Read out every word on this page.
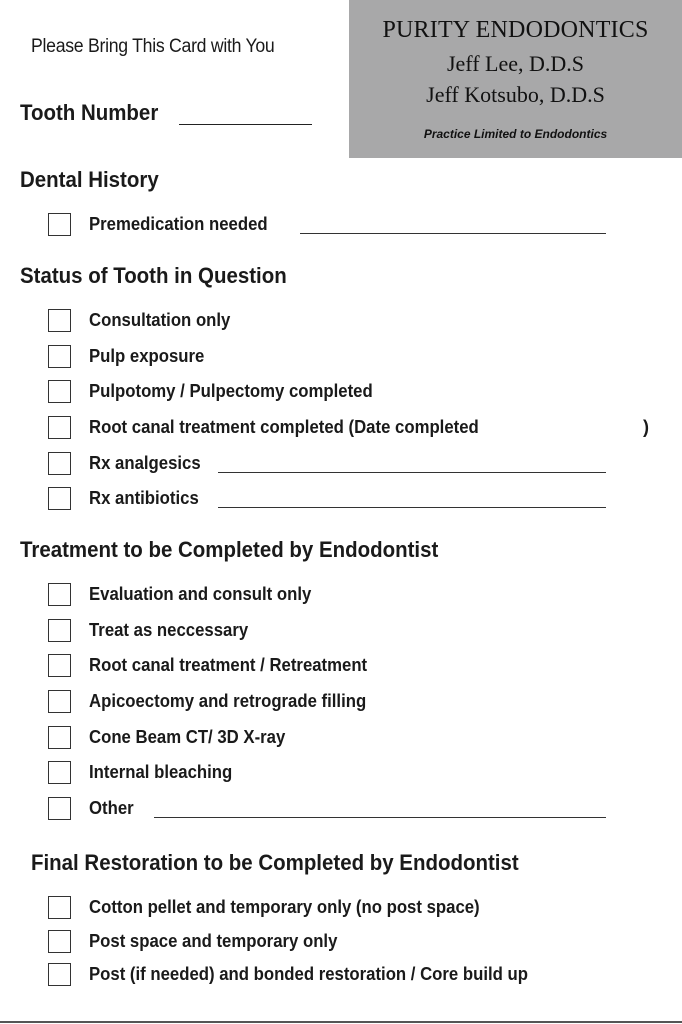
Please Bring This Card with You
Tooth Number
PURITY ENDODONTICS
Jeff Lee, D.D.S
Jeff Kotsubo, D.D.S
Practice Limited to Endodontics
Dental History
Premedication needed
Status of Tooth in Question
Consultation only
Pulp exposure
Pulpotomy / Pulpectomy completed
Root canal treatment completed (Date completed	)
Rx analgesics
Rx antibiotics
Treatment to be Completed by Endodontist
Evaluation and consult only
Treat as neccessary
Root canal treatment / Retreatment
Apicoectomy and retrograde filling
Cone Beam CT/ 3D X-ray
Internal bleaching
Other
Final Restoration to be Completed by Endodontist
Cotton pellet and temporary only (no post space)
Post space and temporary only
Post (if needed) and bonded restoration / Core build up
